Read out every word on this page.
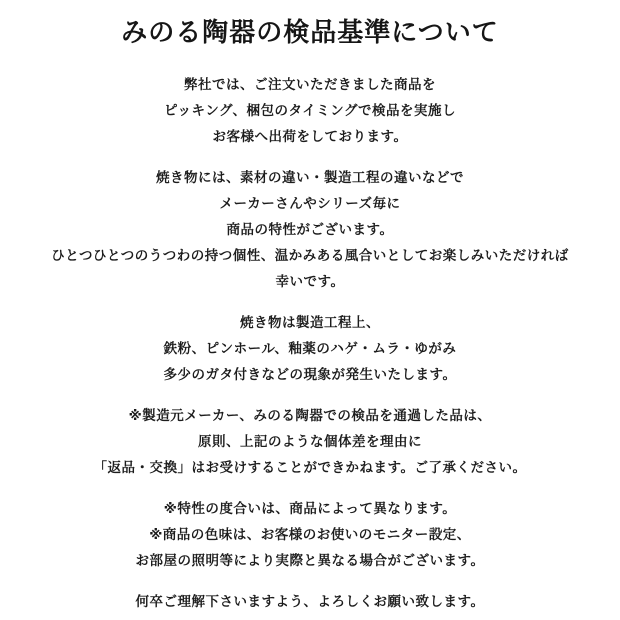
みのる陶器の検品基準について
弊社では、ご注文いただきました商品を
ピッキング、梱包のタイミングで検品を実施し
お客様へ出荷をしております。
焼き物には、素材の違い・製造工程の違いなどで
メーカーさんやシリーズ毎に
商品の特性がございます。
ひとつひとつのうつわの持つ個性、温かみある風合いとしてお楽しみいただければ
幸いです。
焼き物は製造工程上、
鉄粉、ピンホール、釉薬のハゲ・ムラ・ゆがみ
多少のガタ付きなどの現象が発生いたします。
※製造元メーカー、みのる陶器での検品を通過した品は、
原則、上記のような個体差を理由に
「返品・交換」はお受けすることができかねます。ご了承ください。
※特性の度合いは、商品によって異なります。
※商品の色味は、お客様のお使いのモニター設定、
お部屋の照明等により実際と異なる場合がございます。
何卒ご理解下さいますよう、よろしくお願い致します。
